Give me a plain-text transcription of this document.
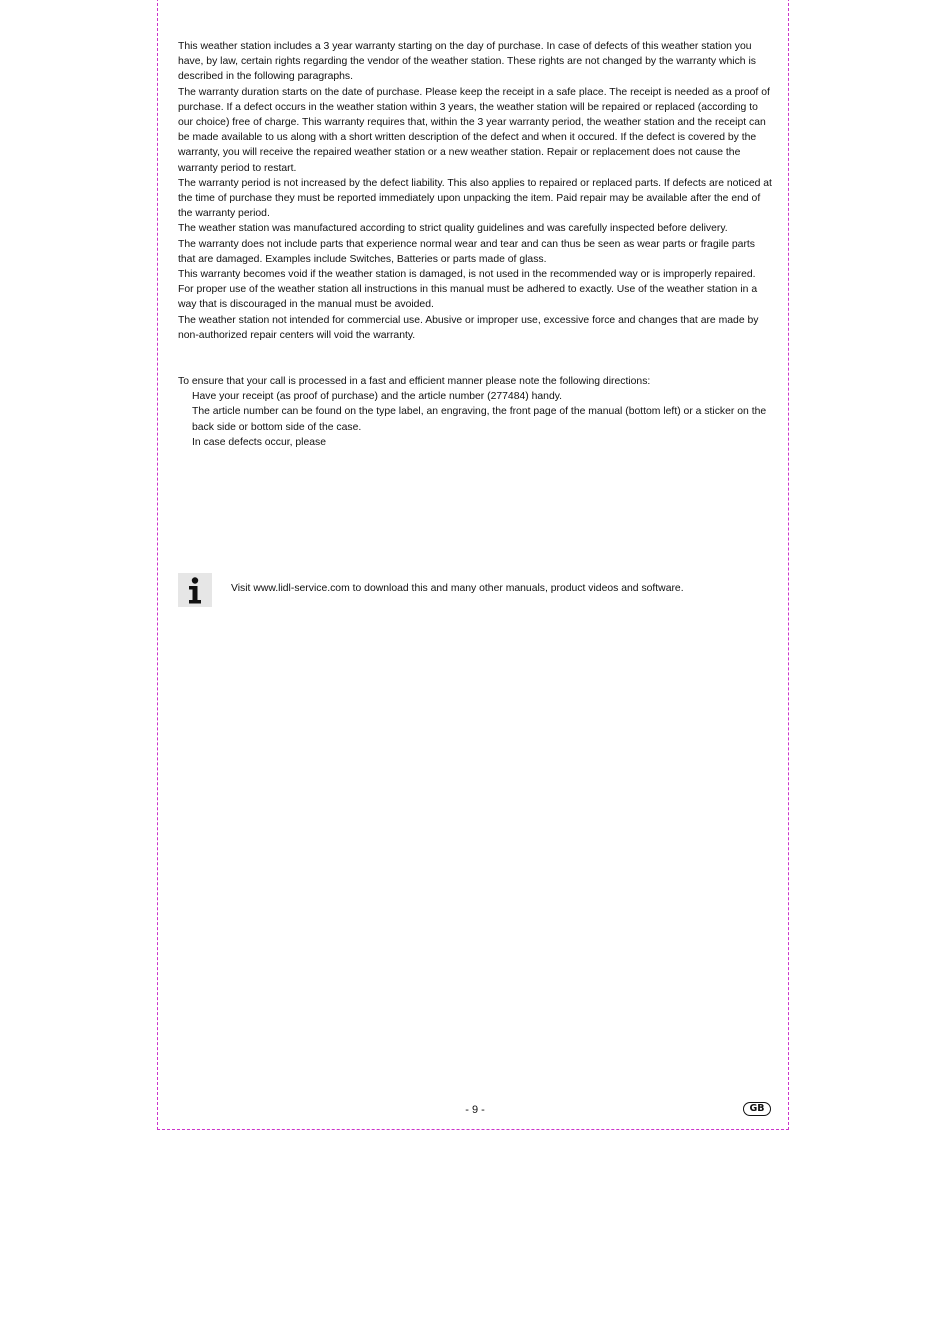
This weather station includes a 3 year warranty starting on the day of purchase. In case of defects of this weather station you have, by law, certain rights regarding the vendor of the weather station. These rights are not changed by the warranty which is described in the following paragraphs.

The warranty duration starts on the date of purchase. Please keep the receipt in a safe place. The receipt is needed as a proof of purchase. If a defect occurs in the weather station within 3 years, the weather station will be repaired or replaced (according to our choice) free of charge. This warranty requires that, within the 3 year warranty period, the weather station and the receipt can be made available to us along with a short written description of the defect and when it occured. If the defect is covered by the warranty, you will receive the repaired weather station or a new weather station. Repair or replacement does not cause the warranty period to restart.

The warranty period is not increased by the defect liability. This also applies to repaired or replaced parts. If defects are noticed at the time of purchase they must be reported immediately upon unpacking the item. Paid repair may be available after the end of the warranty period.

The weather station was manufactured according to strict quality guidelines and was carefully inspected before delivery.

The warranty does not include parts that experience normal wear and tear and can thus be seen as wear parts or fragile parts that are damaged. Examples include Switches, Batteries or parts made of glass.

This warranty becomes void if the weather station is damaged, is not used in the recommended way or is improperly repaired.

For proper use of the weather station all instructions in this manual must be adhered to exactly. Use of the weather station in a way that is discouraged in the manual must be avoided.

The weather station not intended for commercial use. Abusive or improper use, excessive force and changes that are made by non-authorized repair centers will void the warranty.

To ensure that your call is processed in a fast and efficient manner please note the following directions:

Have your receipt (as proof of purchase) and the article number (277484) handy.
The article number can be found on the type label, an engraving, the front page of the manual (bottom left) or a sticker on the back side or bottom side of the case.
In case defects occur, please
Visit www.lidl-service.com to download this and many other manuals, product videos and software.
- 9 -	GB
